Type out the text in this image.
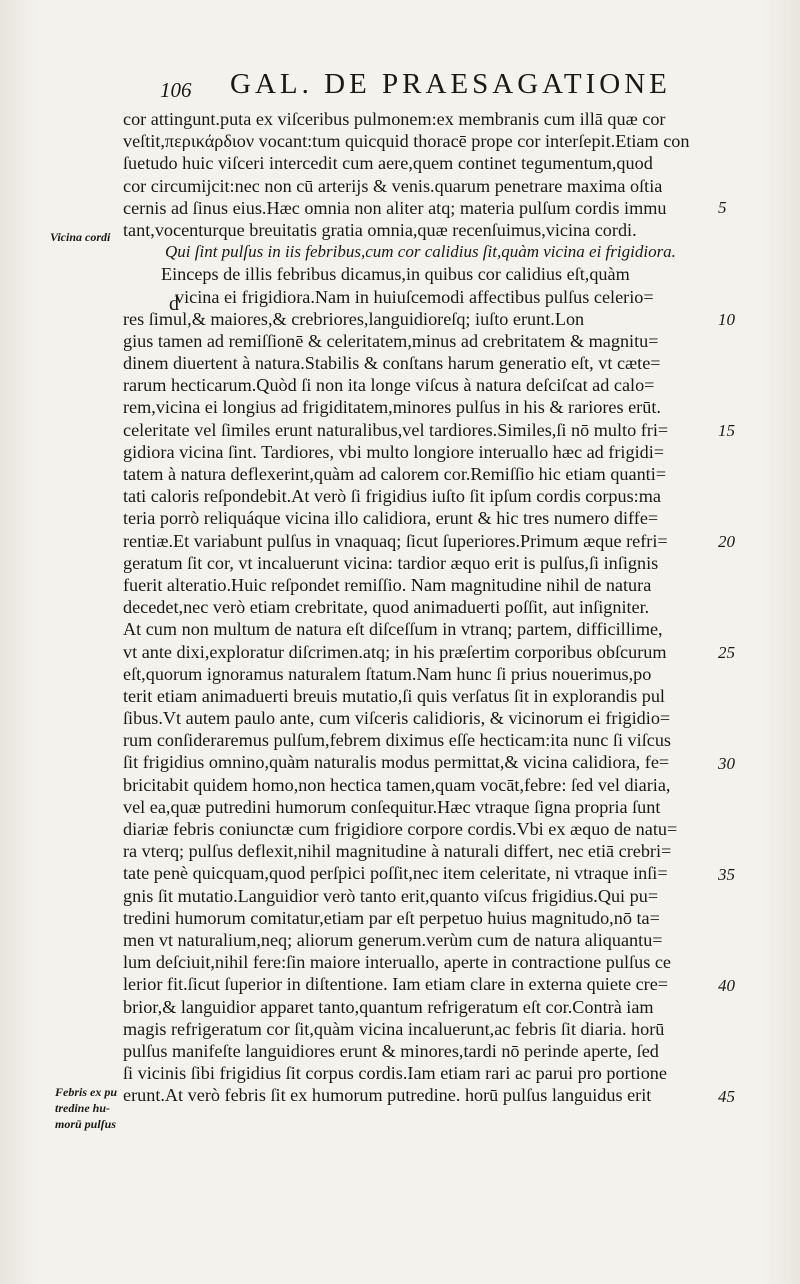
106 GAL. DE PRAESAGATIONE
Vicina cordi
d
Febris ex pu
tredine hu-
morū pulſus
cor attingunt.puta ex viſceribus pulmonem:ex membranis cum illā quæ cor
veſtit,περικάρδιον vocant:tum quicquid thoracē prope cor interſepit.Etiam con
ſuetudo huic viſceri intercedit cum aere,quem continet tegumentum,quod
cor circumijcit:nec non cū arterijs & venis.quarum penetrare maxima oſtia
cernis ad ſinus eius.Hæc omnia non aliter atq; materia pulſum cordis immu
tant,vocenturque breuitatis gratia omnia,quæ recenſuimus,vicina cordi.
Qui ſint pulſus in iis febribus,cum cor calidius ſit,quàm vicina ei frigidiora.
Einceps de illis febribus dicamus,in quibus cor calidius eſt,quàm
vicina ei frigidiora.Nam in huiuſcemodi affectibus pulſus celerio=
res ſimul,& maiores,& crebriores,languidioreſq; iuſto erunt.Lon
gius tamen ad remiſſionē & celeritatem,minus ad crebritatem & magnitu=
dinem diuertent à natura.Stabilis & conſtans harum generatio eſt, vt cæte=
rarum hecticarum.Quòd ſi non ita longe viſcus à natura deſciſcat ad calo=
rem,vicina ei longius ad frigiditatem,minores pulſus in his & rariores erūt.
celeritate vel ſimiles erunt naturalibus,vel tardiores.Similes,ſi nō multo fri=
gidiora vicina ſint. Tardiores, vbi multo longiore interuallo hæc ad frigidi=
tatem à natura deflexerint,quàm ad calorem cor.Remiſſio hic etiam quanti=
tati caloris reſpondebit.At verò ſi frigidius iuſto ſit ipſum cordis corpus:ma
teria porrò reliquáque vicina illo calidiora, erunt & hic tres numero diffe=
rentiæ.Et variabunt pulſus in vnaquaq; ſicut ſuperiores.Primum æque refri=
geratum ſit cor, vt incaluerunt vicina: tardior æquo erit is pulſus,ſi inſignis
fuerit alteratio.Huic reſpondet remiſſio. Nam magnitudine nihil de natura
decedet,nec verò etiam crebritate, quod animaduerti poſſit, aut inſigniter.
At cum non multum de natura eſt diſceſſum in vtranq; partem, difficillime,
vt ante dixi,exploratur diſcrimen.atq; in his præſertim corporibus obſcurum
eſt,quorum ignoramus naturalem ſtatum.Nam hunc ſi prius nouerimus,po
terit etiam animaduerti breuis mutatio,ſi quis verſatus ſit in explorandis pul
ſibus.Vt autem paulo ante, cum viſceris calidioris, & vicinorum ei frigidio=
rum conſideraremus pulſum,febrem diximus eſſe hecticam:ita nunc ſi viſcus
ſit frigidius omnino,quàm naturalis modus permittat,& vicina calidiora, fe=
bricitabit quidem homo,non hectica tamen,quam vocāt,febre: ſed vel diaria,
vel ea,quæ putredini humorum conſequitur.Hæc vtraque ſigna propria ſunt
diariæ febris coniunctæ cum frigidiore corpore cordis.Vbi ex æquo de natu=
ra vterq; pulſus deflexit,nihil magnitudine à naturali differt, nec etiā crebri=
tate penè quicquam,quod perſpici poſſit,nec item celeritate, ni vtraque inſi=
gnis ſit mutatio.Languidior verò tanto erit,quanto viſcus frigidius.Qui pu=
tredini humorum comitatur,etiam par eſt perpetuo huius magnitudo,nō ta=
men vt naturalium,neq; aliorum generum.verùm cum de natura aliquantu=
lum deſciuit,nihil fere:ſin maiore interuallo, aperte in contractione pulſus ce
lerior fit.ſicut ſuperior in diſtentione. Iam etiam clare in externa quiete cre=
brior,& languidior apparet tanto,quantum refrigeratum eſt cor.Contrà iam
magis refrigeratum cor ſit,quàm vicina incaluerunt,ac febris ſit diaria. horū
pulſus manifeſte languidiores erunt & minores,tardi nō perinde aperte, ſed
ſi vicinis ſibi frigidius ſit corpus cordis.Iam etiam rari ac parui pro portione
erunt.At verò febris ſit ex humorum putredine. horū pulſus languidus erit
5
10
15
20
25
30
35
40
45
